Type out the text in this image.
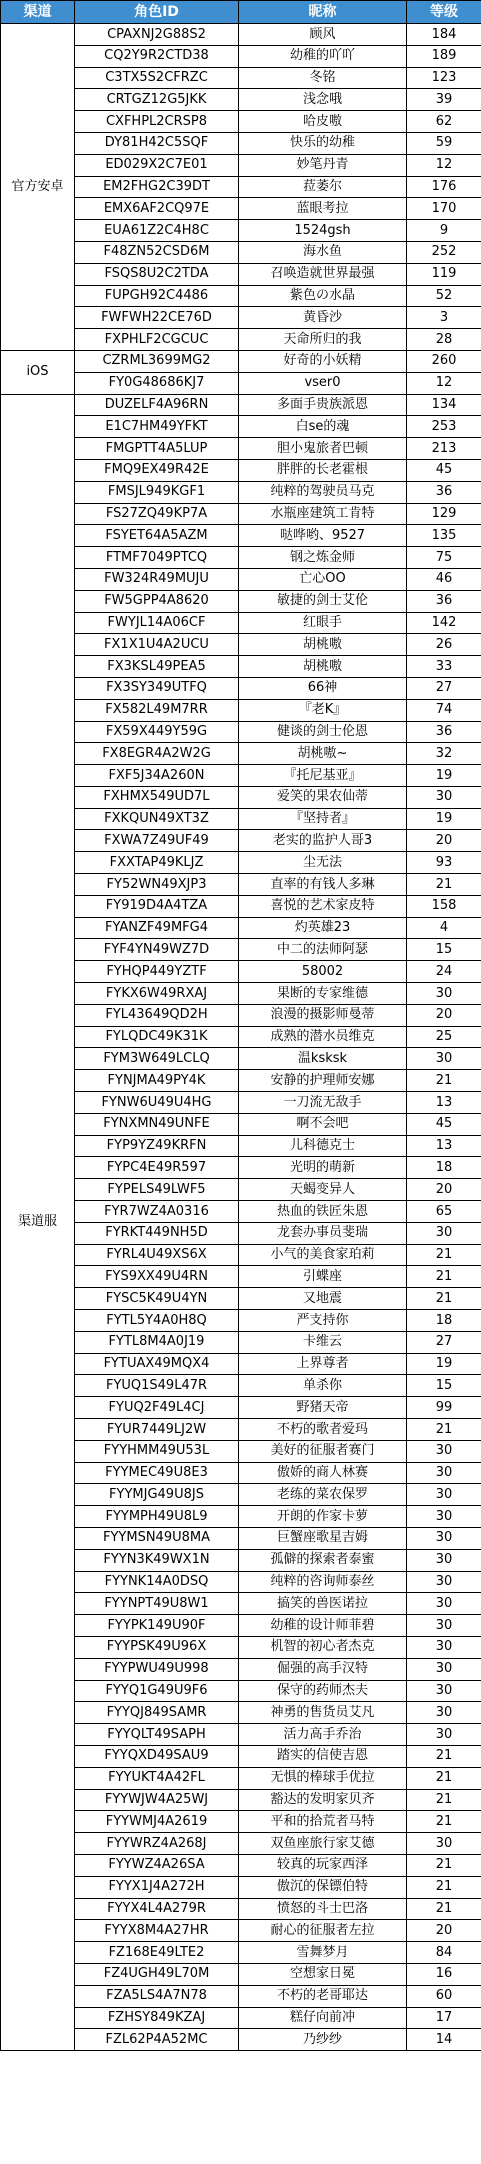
渠道	角色ID	昵称	等级
官方安卓	CPAXNJ2G88S2	顾风	184
	CQ2Y9R2CTD38	幼稚的吖吖	189
	C3TX5S2CFRZC	冬铭	123
	CRTGZ12G5JKK	浅念哦	39
	CXFHPL2CRSP8	哈皮嗷	62
	DY81H42C5SQF	快乐的幼稚	59
	ED029X2C7E01	妙笔丹青	12
	EM2FHG2C39DT	菈萎尔	176
	EMX6AF2CQ97E	蓝眼考拉	170
	EUA61Z2C4H8C	1524gsh	9
	F48ZN52CSD6M	海水鱼	252
	FSQS8U2C2TDA	召唤造就世界最强	119
	FUPGH92C4486	紫色の水晶	52
	FWFWH22CE76D	黄昏沙	3
	FXPHLF2CGCUC	天命所归的我	28
iOS	CZRML3699MG2	好奇的小妖精	260
	FY0G48686KJ7	vser0	12
渠道服	DUZELF4A96RN	多面手贵族派恩	134
	E1C7HM49YFKT	白se的魂	253
	FMGPTT4A5LUP	胆小鬼旅者巴顿	213
	FMQ9EX49R42E	胖胖的长老霍根	45
	FMSJL949KGF1	纯粹的驾驶员马克	36
	FS27ZQ49KP7A	水瓶座建筑工肯特	129
	FSYET64A5AZM	哒哗哟、9527	135
	FTMF7049PTCQ	钢之炼金师	75
	FW324R49MUJU	亡心OO	46
	FW5GPP4A8620	敏捷的剑士艾伦	36
	FWYJL14A06CF	红眼手	142
	FX1X1U4A2UCU	胡桃嗷	26
	FX3KSL49PEA5	胡桃嗷	33
	FX3SY349UTFQ	66神	27
	FX582L49M7RR	『老K』	74
	FX59X449Y59G	健谈的剑士伦恩	36
	FX8EGR4A2W2G	胡桃嗷~	32
	FXF5J34A260N	『托尼基亚』	19
	FXHMX549UD7L	爱笑的果农仙蒂	30
	FXKQUN49XT3Z	『坚持者』	19
	FXWA7Z49UF49	老实的监护人哥3	20
	FXXTAP49KLJZ	尘无法	93
	FY52WN49XJP3	直率的有钱人多琳	21
	FY919D4A4TZA	喜悦的艺术家皮特	158
	FYANZF49MFG4	灼英雄23	4
	FYF4YN49WZ7D	中二的法师阿瑟	15
	FYHQP449YZTF	58002	24
	FYKX6W49RXAJ	果断的专家维德	30
	FYL43649QD2H	浪漫的摄影师曼蒂	20
	FYLQDC49K31K	成熟的潜水员维克	25
	FYM3W649LCLQ	温ksksk	30
	FYNJMA49PY4K	安静的护理师安娜	21
	FYNW6U49U4HG	一刀流无敌手	13
	FYNXMN49UNFE	啊不会吧	45
	FYP9YZ49KRFN	儿科德克士	13
	FYPC4E49R597	光明的萌新	18
	FYPELS49LWF5	天蝎变异人	20
	FYR7WZ4A0316	热血的铁匠朱恩	65
	FYRKT449NH5D	龙套办事员斐瑞	30
	FYRL4U49XS6X	小气的美食家珀莉	21
	FYS9XX49U4RN	引蝶座	21
	FYSC5K49U4YN	又地震	21
	FYTL5Y4A0H8Q	严支持你	18
	FYTL8M4A0J19	卡维云	27
	FYTUAX49MQX4	上界尊者	19
	FYUQ1S49L47R	单杀你	15
	FYUQ2F49L4CJ	野猪天帝	99
	FYUR7449LJ2W	不朽的歌者爱玛	21
	FYYHMM49U53L	美好的征服者赛门	30
	FYYMEC49U8E3	傲娇的商人林赛	30
	FYYMJG49U8JS	老练的菜农保罗	30
	FYYMPH49U8L9	开朗的作家卡萝	30
	FYYMSN49U8MA	巨蟹座歌星吉姆	30
	FYYN3K49WX1N	孤僻的探索者泰蜜	30
	FYYNK14A0DSQ	纯粹的咨询师泰丝	30
	FYYNPT49U8W1	搞笑的兽医诺拉	30
	FYYPK149U90F	幼稚的设计师菲碧	30
	FYYPSK49U96X	机智的初心者杰克	30
	FYYPWU49U998	倔强的高手汉特	30
	FYYQ1G49U9F6	保守的药师杰夫	30
	FYYQJ849SAMR	神勇的售货员艾凡	30
	FYYQLT49SAPH	活力高手乔治	30
	FYYQXD49SAU9	踏实的信使吉恩	21
	FYYUKT4A42FL	无惧的棒球手优拉	21
	FYYWJW4A25WJ	豁达的发明家贝齐	21
	FYYWMJ4A2619	平和的拾荒者马特	21
	FYYWRZ4A268J	双鱼座旅行家艾德	30
	FYYWZ4A26SA	较真的玩家西泽	21
	FYYX1J4A272H	傲沉的保镖伯特	21
	FYYX4L4A279R	愤怒的斗士巴洛	21
	FYYX8M4A27HR	耐心的征服者左拉	20
	FZ168E49LTE2	雪舞梦月	84
	FZ4UGH49L70M	空想家日冕	16
	FZA5LS4A7N78	不朽的老哥耶达	60
	FZHSY849KZAJ	糕仔向前冲	17
	FZL62P4A52MC	乃纱纱	14
